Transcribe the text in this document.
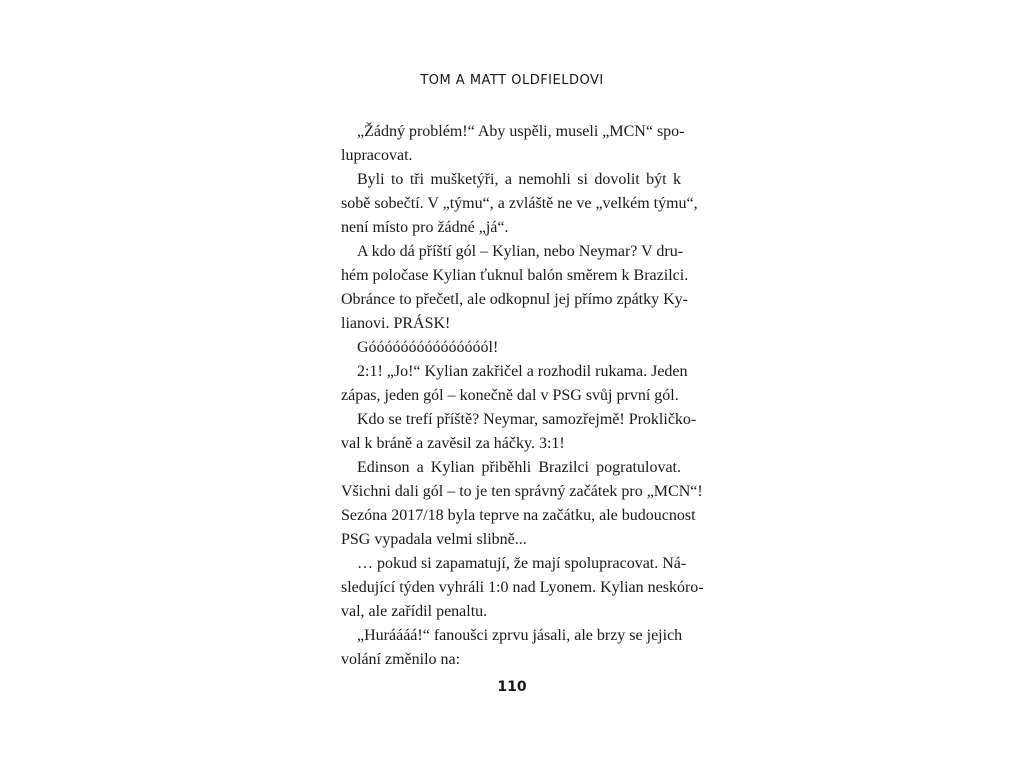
TOM A MATT OLDFIELDOVI
„Žádný problém!“ Aby uspěli, museli „MCN“ spo-
lupracovat.
Byli to tři mušketýři, a nemohli si dovolit být k
sobě sobečtí. V „týmu“, a zvláště ne ve „velkém týmu“,
není místo pro žádné „já“.
A kdo dá příští gól – Kylian, nebo Neymar? V dru-
hém poločase Kylian ťuknul balón směrem k Brazilci.
Obránce to přečetl, ale odkopnul jej přímo zpátky Ky-
lianovi. PRÁSK!
Góóóóóóóóóóóóóóól!
2:1! „Jo!“ Kylian zakřičel a rozhodil rukama. Jeden
zápas, jeden gól – konečně dal v PSG svůj první gól.
Kdo se trefí příště? Neymar, samozřejmě! Prokličko-
val k bráně a zavěsil za háčky. 3:1!
Edinson a Kylian přiběhli Brazilci pogratulovat.
Všichni dali gól – to je ten správný začátek pro „MCN“!
Sezóna 2017/18 byla teprve na začátku, ale budoucnost
PSG vypadala velmi slibně...
… pokud si zapamatují, že mají spolupracovat. Ná-
sledující týden vyhráli 1:0 nad Lyonem. Kylian neskóro-
val, ale zařídil penaltu.
„Huráááá!“ fanoušci zprvu jásali, ale brzy se jejich
volání změnilo na:
110
